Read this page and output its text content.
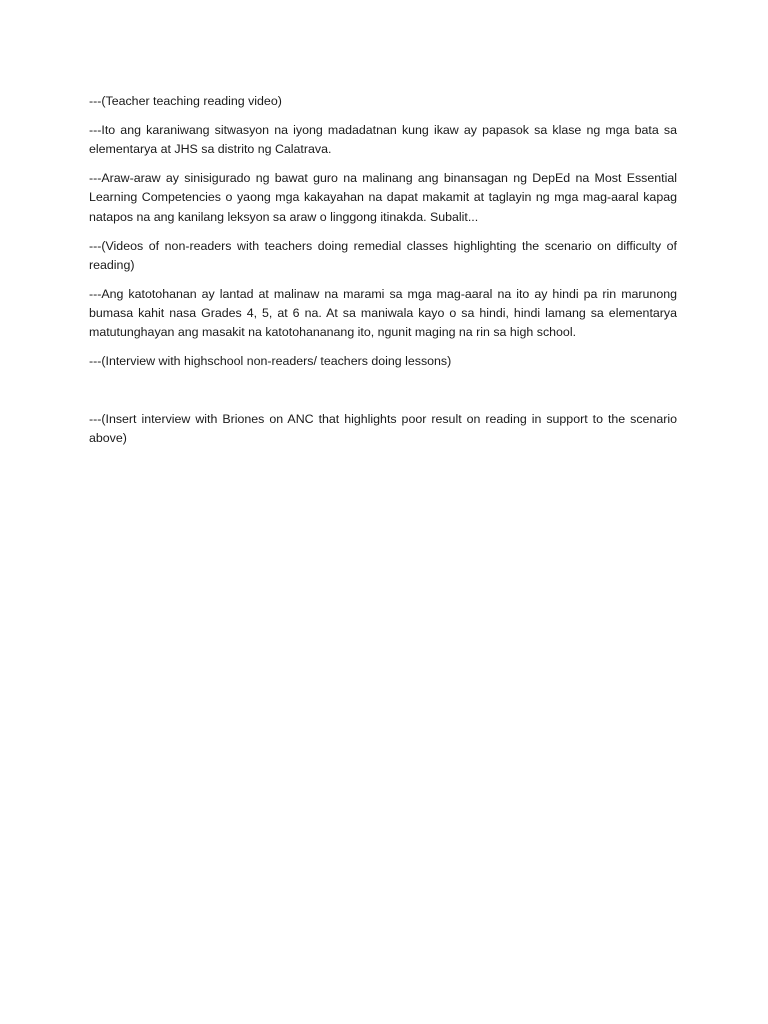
---(Teacher teaching reading video)

---Ito ang karaniwang sitwasyon na iyong madadatnan kung ikaw ay papasok sa klase ng mga bata sa elementarya at JHS sa distrito ng Calatrava.

---Araw-araw ay sinisigurado ng bawat guro na malinang ang binansagan ng DepEd na Most Essential Learning Competencies o yaong mga kakayahan na dapat makamit at taglayin ng mga mag-aaral kapag natapos na ang kanilang leksyon sa araw o linggong itinakda. Subalit...

---(Videos of non-readers with teachers doing remedial classes highlighting the scenario on difficulty of reading)

---Ang katotohanan ay lantad at malinaw na marami sa mga mag-aaral na ito ay hindi pa rin marunong bumasa kahit nasa Grades 4, 5, at 6 na. At sa maniwala kayo o sa hindi, hindi lamang sa elementarya matutunghayan ang masakit na katotohananang ito, ngunit maging na rin sa high school.

---(Interview with highschool non-readers/ teachers doing lessons)

---(Insert interview with Briones on ANC that highlights poor result on reading in support to the scenario above)
